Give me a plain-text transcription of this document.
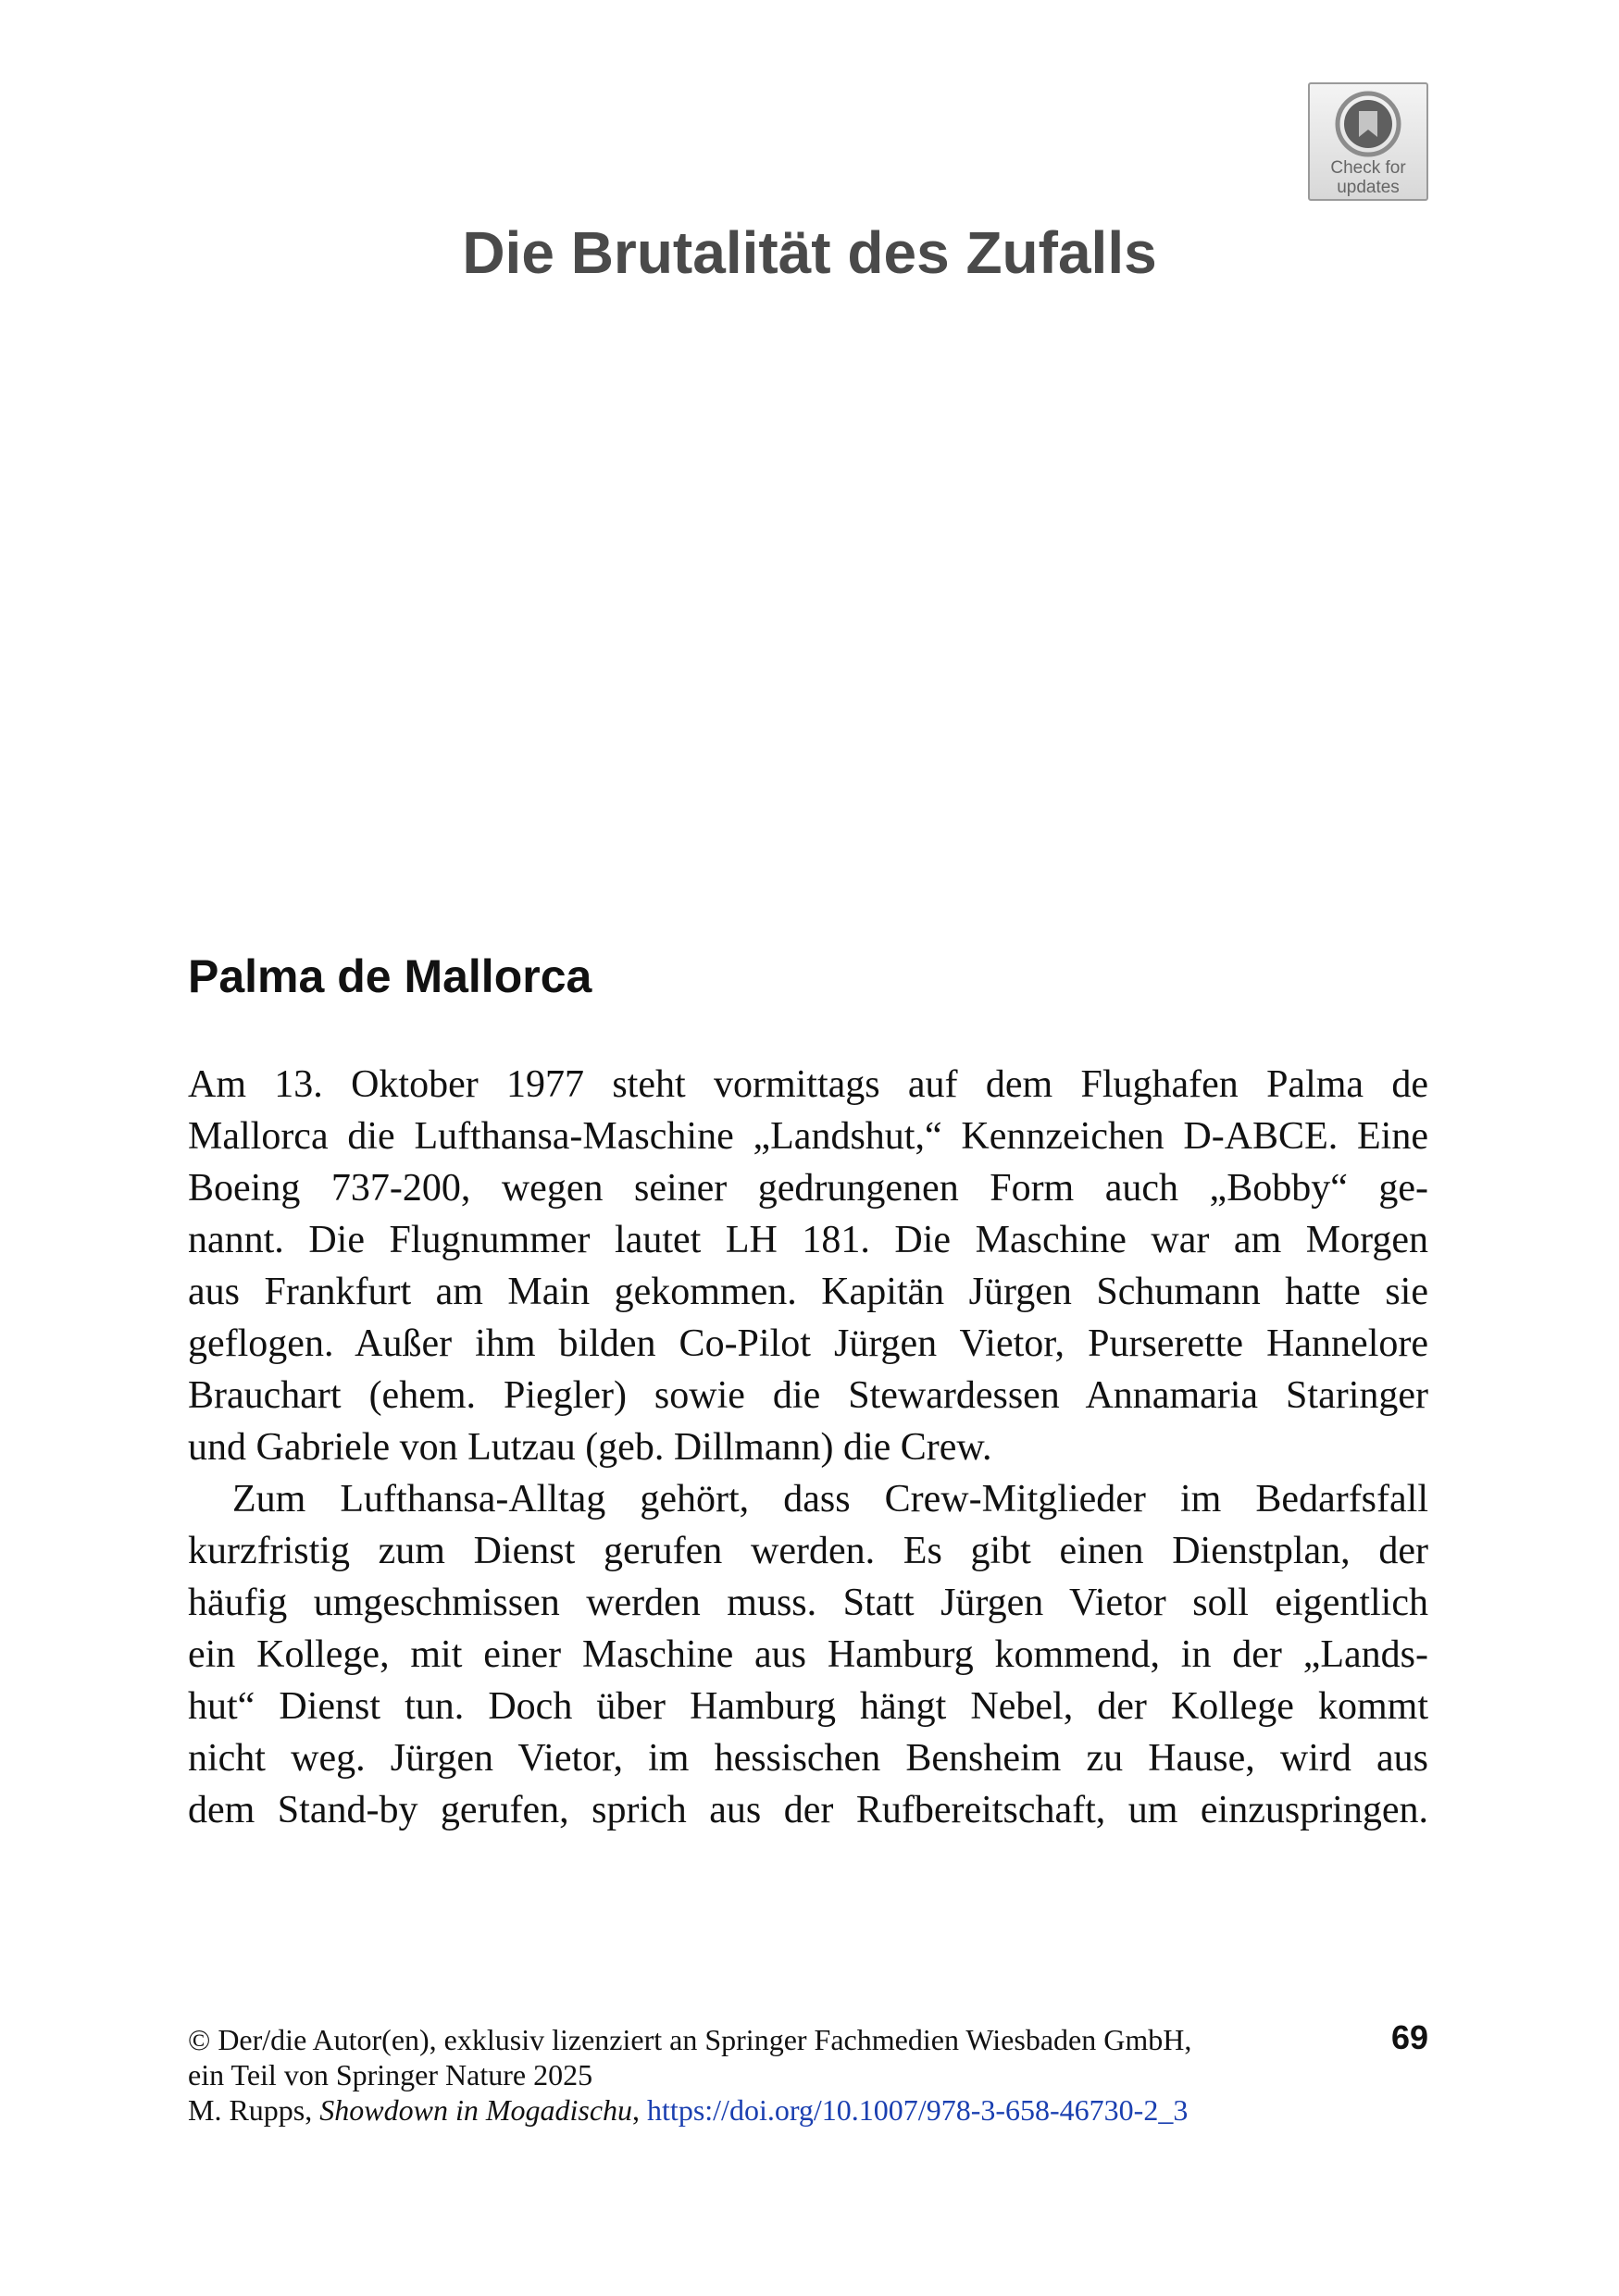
Check for
updates
Die Brutalität des Zufalls
Palma de Mallorca
Am 13. Oktober 1977 steht vormittags auf dem Flughafen Palma de
Mallorca die Lufthansa-Maschine „Landshut,“ Kennzeichen D-ABCE. Eine
Boeing 737-200, wegen seiner gedrungenen Form auch „Bobby“ ge-
nannt. Die Flugnummer lautet LH 181. Die Maschine war am Morgen
aus Frankfurt am Main gekommen. Kapitän Jürgen Schumann hatte sie
geflogen. Außer ihm bilden Co-Pilot Jürgen Vietor, Purserette Hannelore
Brauchart (ehem. Piegler) sowie die Stewardessen Annamaria Staringer
und Gabriele von Lutzau (geb. Dillmann) die Crew.
Zum Lufthansa-Alltag gehört, dass Crew-Mitglieder im Bedarfsfall
kurzfristig zum Dienst gerufen werden. Es gibt einen Dienstplan, der
häufig umgeschmissen werden muss. Statt Jürgen Vietor soll eigentlich
ein Kollege, mit einer Maschine aus Hamburg kommend, in der „Lands-
hut“ Dienst tun. Doch über Hamburg hängt Nebel, der Kollege kommt
nicht weg. Jürgen Vietor, im hessischen Bensheim zu Hause, wird aus
dem Stand-by gerufen, sprich aus der Rufbereitschaft, um einzuspringen.
© Der/die Autor(en), exklusiv lizenziert an Springer Fachmedien Wiesbaden GmbH,
ein Teil von Springer Nature 2025
M. Rupps, Showdown in Mogadischu, https://doi.org/10.1007/978-3-658-46730-2_3
69
